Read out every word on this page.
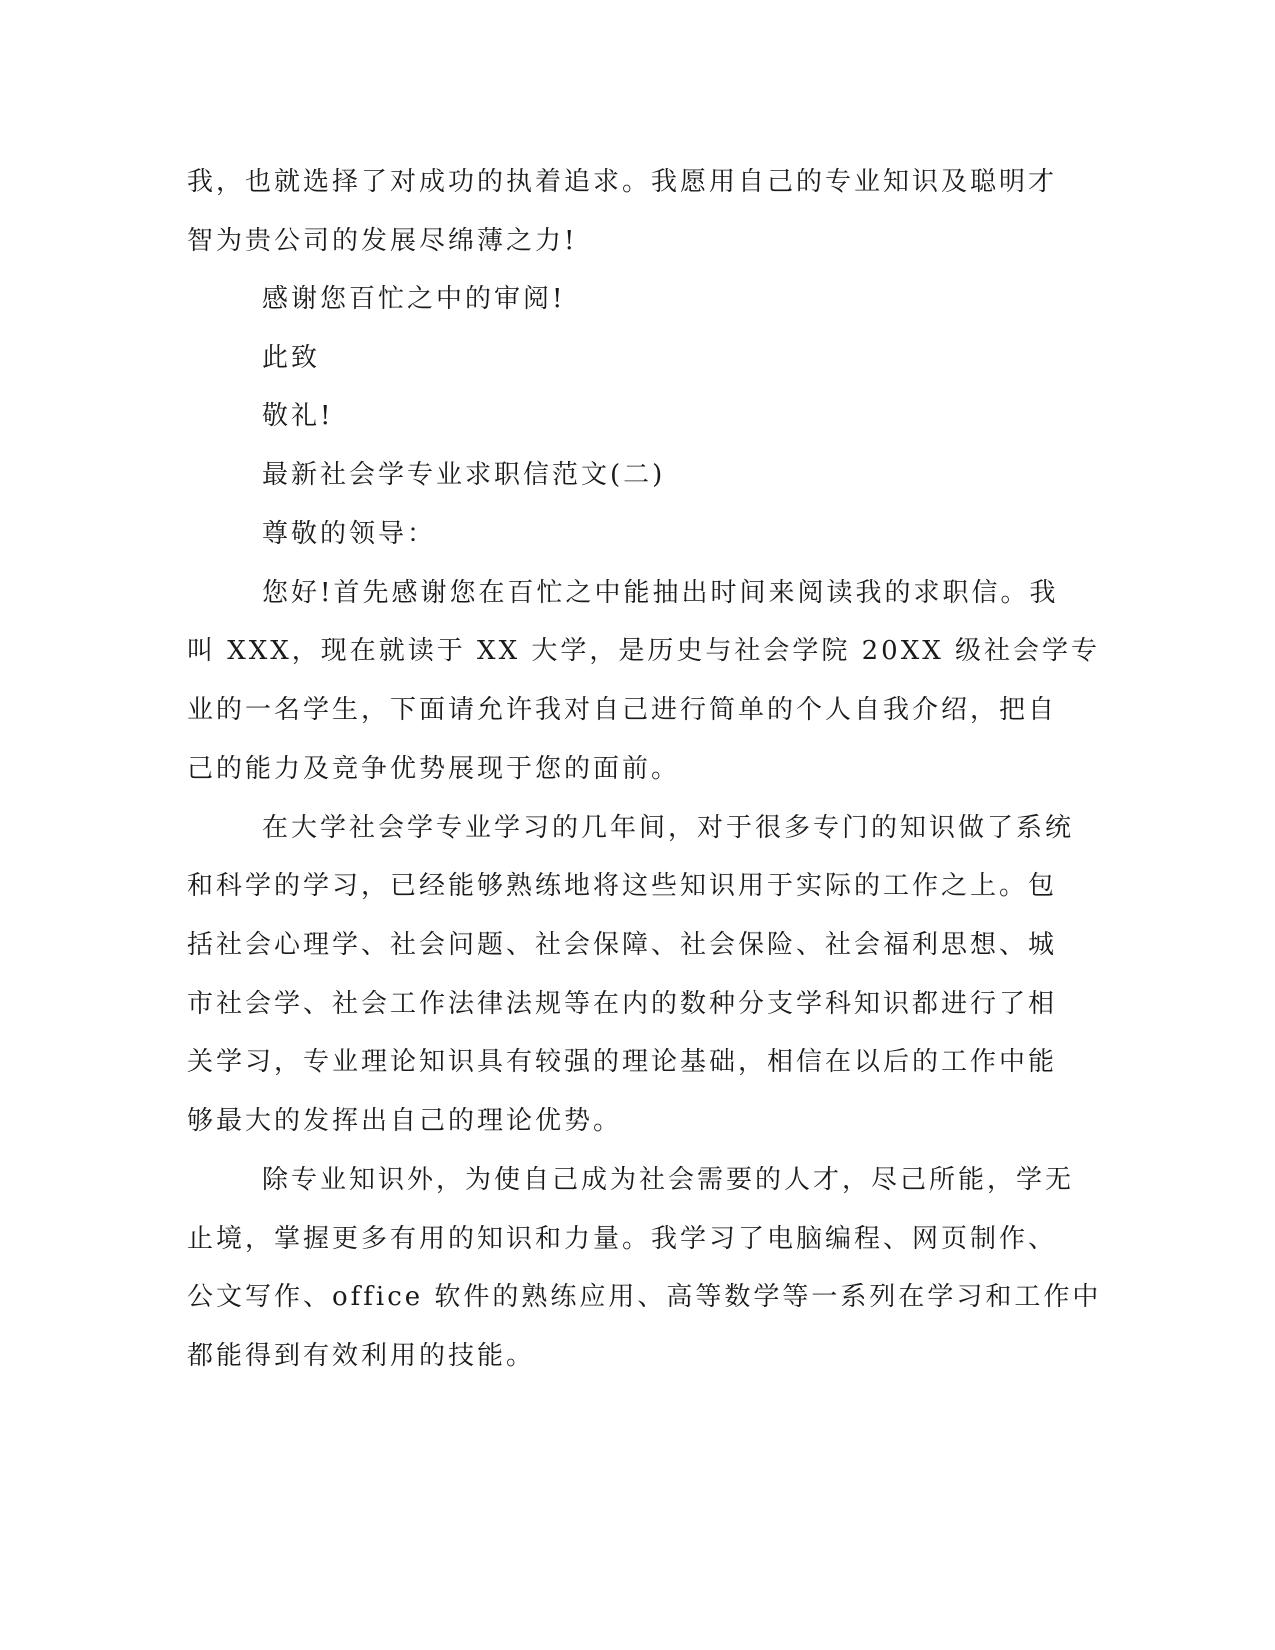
我，也就选择了对成功的执着追求。我愿用自己的专业知识及聪明才
智为贵公司的发展尽绵薄之力!
感谢您百忙之中的审阅!
此致
敬礼!
最新社会学专业求职信范文(二)
尊敬的领导：
您好!首先感谢您在百忙之中能抽出时间来阅读我的求职信。我
叫 XXX，现在就读于 XX 大学，是历史与社会学院 20XX 级社会学专
业的一名学生，下面请允许我对自己进行简单的个人自我介绍，把自
己的能力及竞争优势展现于您的面前。
在大学社会学专业学习的几年间，对于很多专门的知识做了系统
和科学的学习，已经能够熟练地将这些知识用于实际的工作之上。包
括社会心理学、社会问题、社会保障、社会保险、社会福利思想、城
市社会学、社会工作法律法规等在内的数种分支学科知识都进行了相
关学习，专业理论知识具有较强的理论基础，相信在以后的工作中能
够最大的发挥出自己的理论优势。
除专业知识外，为使自己成为社会需要的人才，尽己所能，学无
止境，掌握更多有用的知识和力量。我学习了电脑编程、网页制作、
公文写作、office 软件的熟练应用、高等数学等一系列在学习和工作中
都能得到有效利用的技能。
